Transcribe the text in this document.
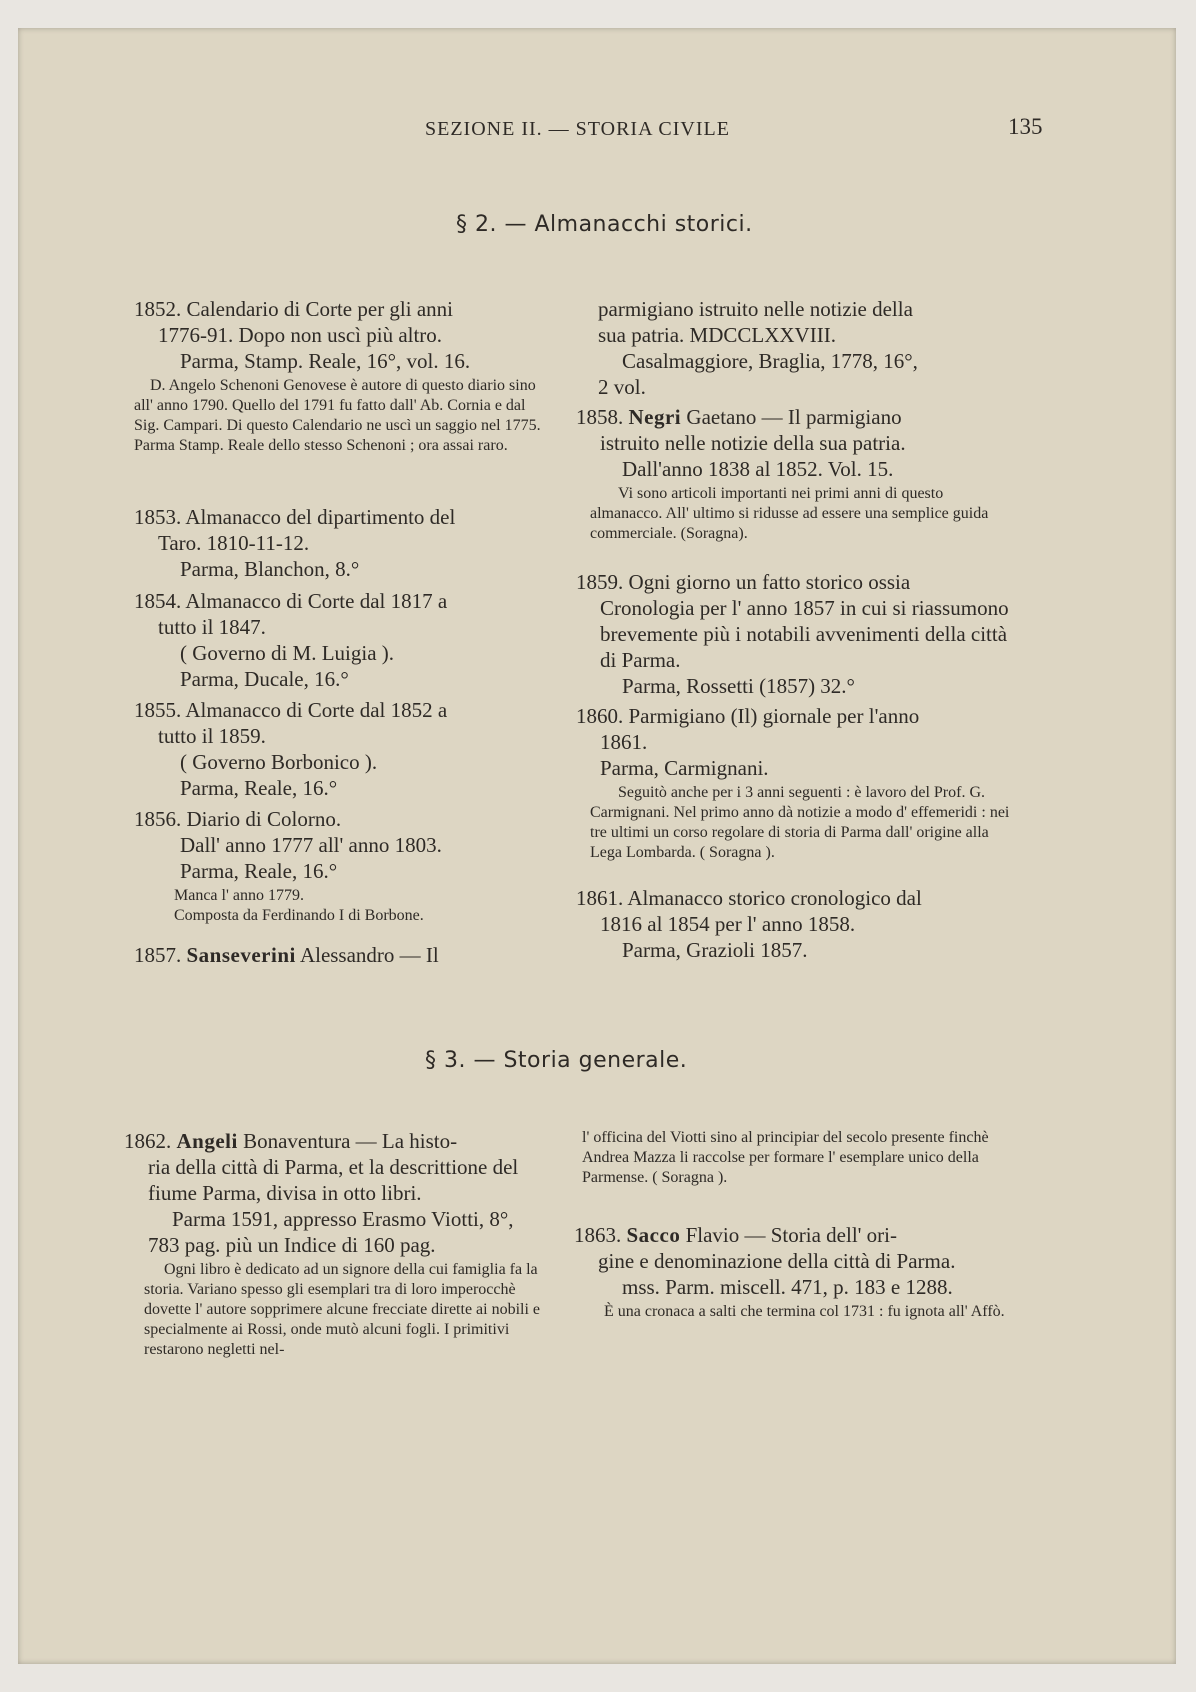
SEZIONE II. — STORIA CIVILE	135
§ 2. — Almanacchi storici.

1852. Calendario di Corte per gli anni

1776-91. Dopo non uscì più altro.

Parma, Stamp. Reale, 16°, vol. 16.

D. Angelo Schenoni Genovese è autore di questo diario sino all' anno 1790. Quello del 1791 fu fatto dall' Ab. Cornia e dal Sig. Campari. Di questo Calendario ne uscì un saggio nel 1775. Parma Stamp. Reale dello stesso Schenoni ; ora assai raro.

1853. Almanacco del dipartimento del

Taro. 1810-11-12.

Parma, Blanchon, 8.°

1854. Almanacco di Corte dal 1817 a

tutto il 1847.

( Governo di M. Luigia ).

Parma, Ducale, 16.°

1855. Almanacco di Corte dal 1852 a

tutto il 1859.

( Governo Borbonico ).

Parma, Reale, 16.°

1856. Diario di Colorno.

Dall' anno 1777 all' anno 1803.

Parma, Reale, 16.°

Manca l' anno 1779.

Composta da Ferdinando I di Borbone.

1857. Sanseverini Alessandro — Il

parmigiano istruito nelle notizie della

sua patria. MDCCLXXVIII.

Casalmaggiore, Braglia, 1778, 16°,

2 vol.

1858. Negri Gaetano — Il parmigiano

istruito nelle notizie della sua patria.

Dall'anno 1838 al 1852. Vol. 15.

Vi sono articoli importanti nei primi anni di questo almanacco. All' ultimo si ridusse ad essere una semplice guida commerciale. (Soragna).

1859. Ogni giorno un fatto storico ossia

Cronologia per l' anno 1857 in cui si riassumono brevemente più i notabili avvenimenti della città di Parma.

Parma, Rossetti (1857) 32.°

1860. Parmigiano (Il) giornale per l'anno

1861.

Parma, Carmignani.

Seguitò anche per i 3 anni seguenti : è lavoro del Prof. G. Carmignani. Nel primo anno dà notizie a modo d' effemeridi : nei tre ultimi un corso regolare di storia di Parma dall' origine alla Lega Lombarda. ( Soragna ).

1861. Almanacco storico cronologico dal

1816 al 1854 per l' anno 1858.

Parma, Grazioli 1857.

§ 3. — Storia generale.

1862. Angeli Bonaventura — La histo-

ria della città di Parma, et la descrittione del fiume Parma, divisa in otto libri.

Parma 1591, appresso Erasmo Viotti, 8°, 783 pag. più un Indice di 160 pag.

Ogni libro è dedicato ad un signore della cui famiglia fa la storia. Variano spesso gli esemplari tra di loro imperocchè dovette l' autore sopprimere alcune frecciate dirette ai nobili e specialmente ai Rossi, onde mutò alcuni fogli. I primitivi restarono negletti nel-

l' officina del Viotti sino al principiar del secolo presente finchè Andrea Mazza li raccolse per formare l' esemplare unico della Parmense. ( Soragna ).

1863. Sacco Flavio — Storia dell' ori-

gine e denominazione della città di Parma.

mss. Parm. miscell. 471, p. 183 e 1288.

È una cronaca a salti che termina col 1731 : fu ignota all' Affò.
